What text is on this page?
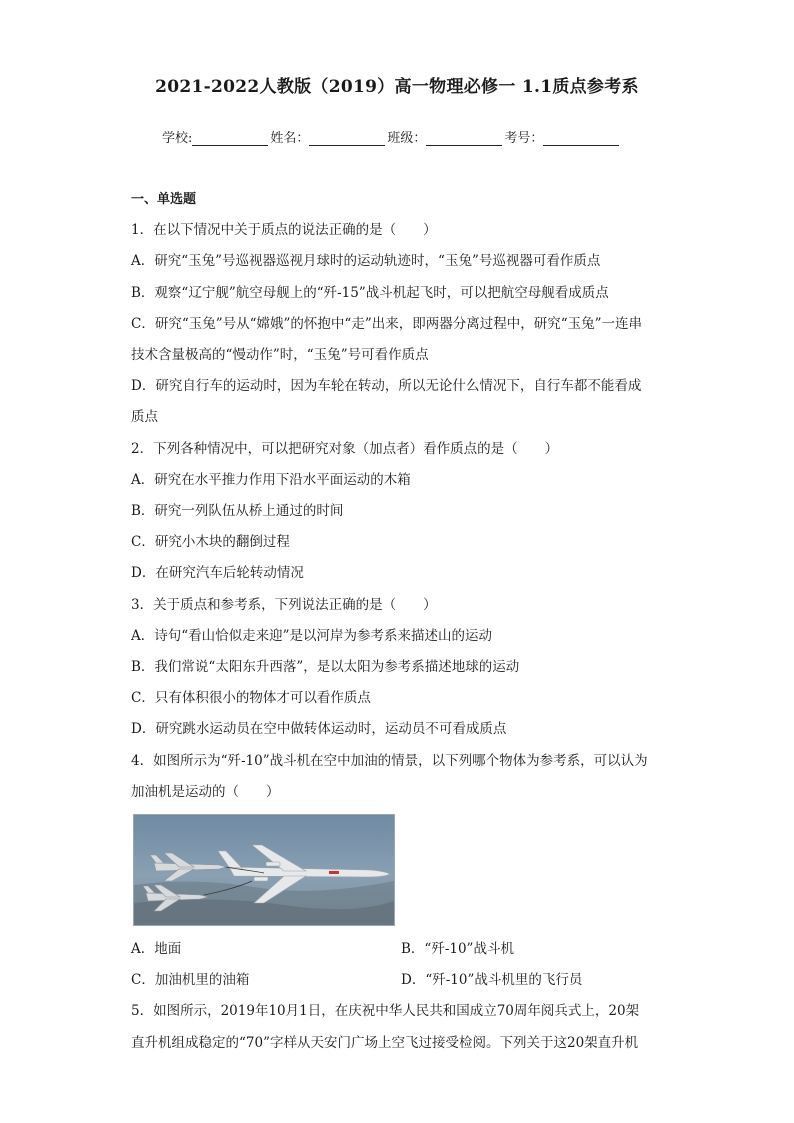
2021-2022人教版（2019）高一物理必修一 1.1质点参考系
学校:	姓名：	班级：	考号：

一、单选题

1．在以下情况中关于质点的说法正确的是（　　）

A．研究“玉兔”号巡视器巡视月球时的运动轨迹时，“玉兔”号巡视器可看作质点

B．观察“辽宁舰”航空母舰上的“歼-15”战斗机起飞时，可以把航空母舰看成质点

C．研究“玉兔”号从“嫦娥”的怀抱中“走”出来，即两器分离过程中，研究“玉兔”一连串

技术含量极高的“慢动作”时，“玉兔”号可看作质点

D．研究自行车的运动时，因为车轮在转动，所以无论什么情况下，自行车都不能看成

质点

2．下列各种情况中，可以把研究对象（加点者）看作质点的是（　　）

A．研究在水平推力作用下沿水平面运动的木箱

B．研究一列队伍从桥上通过的时间

C．研究小木块的翻倒过程

D．在研究汽车后轮转动情况

3．关于质点和参考系，下列说法正确的是（　　）

A．诗句“看山恰似走来迎”是以河岸为参考系来描述山的运动

B．我们常说“太阳东升西落”，是以太阳为参考系描述地球的运动

C．只有体积很小的物体才可以看作质点

D．研究跳水运动员在空中做转体运动时，运动员不可看成质点

4．如图所示为“歼-10”战斗机在空中加油的情景，以下列哪个物体为参考系，可以认为

加油机是运动的（　　）

A．地面	B．“歼-10”战斗机

C．加油机里的油箱	D．“歼-10”战斗机里的飞行员

5．如图所示，2019年10月1日，在庆祝中华人民共和国成立70周年阅兵式上，20架

直升机组成稳定的“70”字样从天安门广场上空飞过接受检阅。下列关于这20架直升机
